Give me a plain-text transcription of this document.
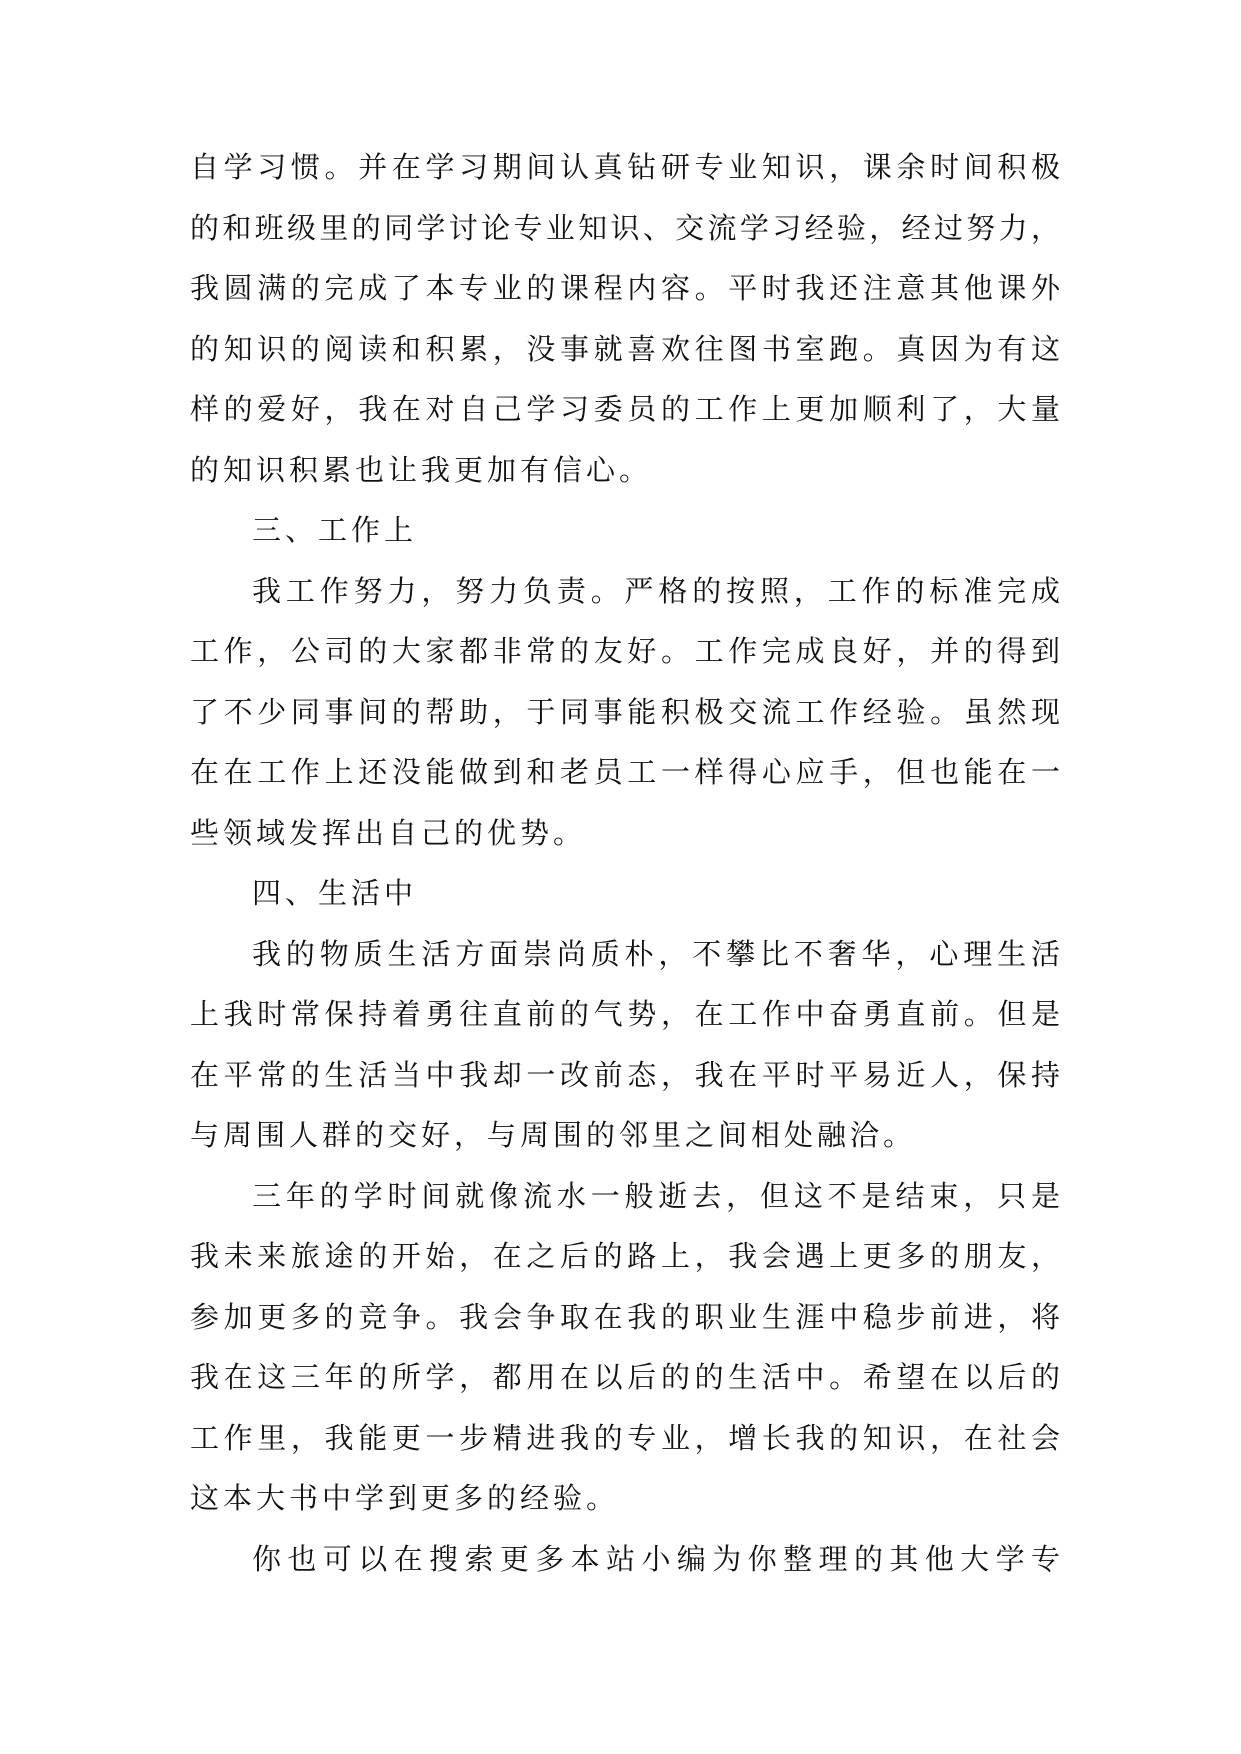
自学习惯。并在学习期间认真钻研专业知识，课余时间积极
的和班级里的同学讨论专业知识、交流学习经验，经过努力，
我圆满的完成了本专业的课程内容。平时我还注意其他课外
的知识的阅读和积累，没事就喜欢往图书室跑。真因为有这
样的爱好，我在对自己学习委员的工作上更加顺利了，大量
的知识积累也让我更加有信心。
三、工作上
我工作努力，努力负责。严格的按照，工作的标准完成
工作，公司的大家都非常的友好。工作完成良好，并的得到
了不少同事间的帮助，于同事能积极交流工作经验。虽然现
在在工作上还没能做到和老员工一样得心应手，但也能在一
些领域发挥出自己的优势。
四、生活中
我的物质生活方面崇尚质朴，不攀比不奢华，心理生活
上我时常保持着勇往直前的气势，在工作中奋勇直前。但是
在平常的生活当中我却一改前态，我在平时平易近人，保持
与周围人群的交好，与周围的邻里之间相处融洽。
三年的学时间就像流水一般逝去，但这不是结束，只是
我未来旅途的开始，在之后的路上，我会遇上更多的朋友，
参加更多的竞争。我会争取在我的职业生涯中稳步前进，将
我在这三年的所学，都用在以后的的生活中。希望在以后的
工作里，我能更一步精进我的专业，增长我的知识，在社会
这本大书中学到更多的经验。
你也可以在搜索更多本站小编为你整理的其他大学专
